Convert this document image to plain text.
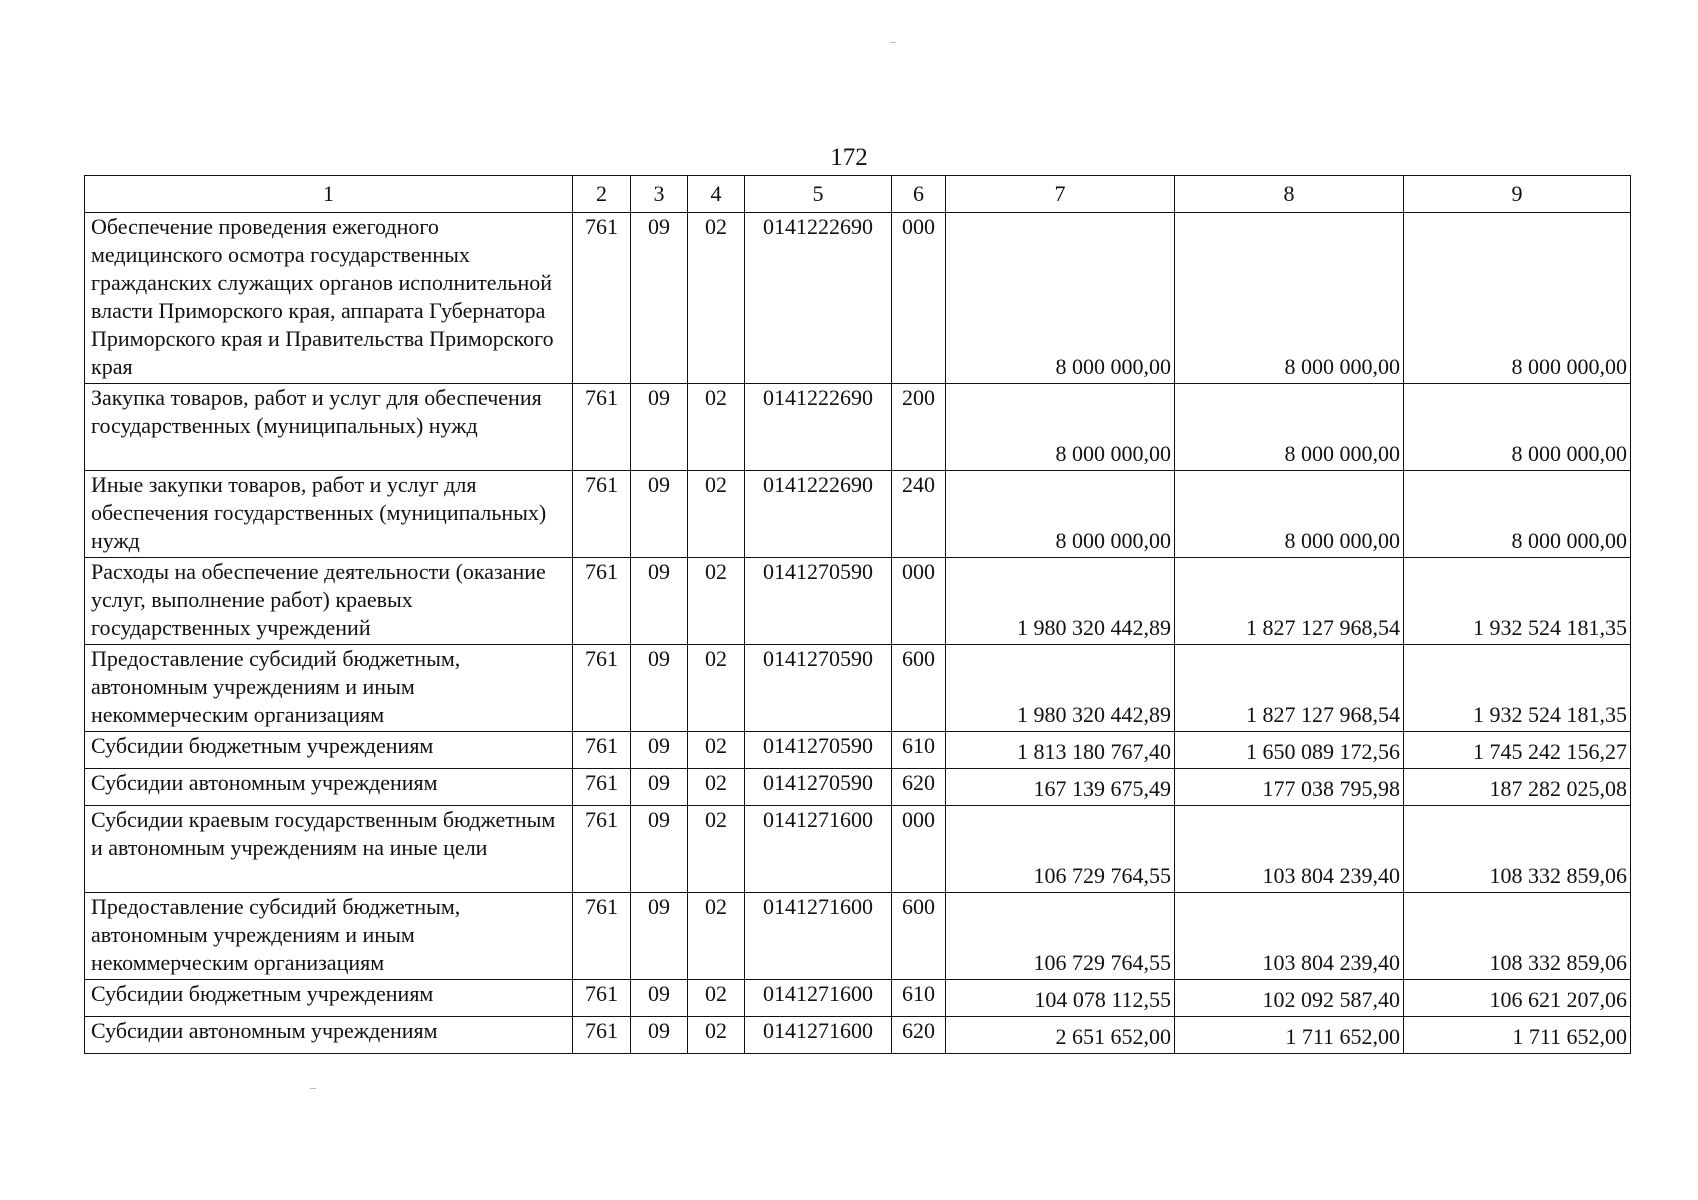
172
1	2	3	4	5	6	7	8	9
Обеспечение проведения ежегодного медицинского осмотра государственных гражданских служащих органов исполнительной власти Приморского края, аппарата Губернатора Приморского края и Правительства Приморского края	761	09	02	0141222690	000	8 000 000,00	8 000 000,00	8 000 000,00
Закупка товаров, работ и услуг для обеспечения государственных (муниципальных) нужд	761	09	02	0141222690	200	8 000 000,00	8 000 000,00	8 000 000,00
Иные закупки товаров, работ и услуг для обеспечения государственных (муниципальных) нужд	761	09	02	0141222690	240	8 000 000,00	8 000 000,00	8 000 000,00
Расходы на обеспечение деятельности (оказание услуг, выполнение работ) краевых государственных учреждений	761	09	02	0141270590	000	1 980 320 442,89	1 827 127 968,54	1 932 524 181,35
Предоставление субсидий бюджетным, автономным учреждениям и иным некоммерческим организациям	761	09	02	0141270590	600	1 980 320 442,89	1 827 127 968,54	1 932 524 181,35
Субсидии бюджетным учреждениям	761	09	02	0141270590	610	1 813 180 767,40	1 650 089 172,56	1 745 242 156,27
Субсидии автономным учреждениям	761	09	02	0141270590	620	167 139 675,49	177 038 795,98	187 282 025,08
Субсидии краевым государственным бюджетным и автономным учреждениям на иные цели	761	09	02	0141271600	000	106 729 764,55	103 804 239,40	108 332 859,06
Предоставление субсидий бюджетным, автономным учреждениям и иным некоммерческим организациям	761	09	02	0141271600	600	106 729 764,55	103 804 239,40	108 332 859,06
Субсидии бюджетным учреждениям	761	09	02	0141271600	610	104 078 112,55	102 092 587,40	106 621 207,06
Субсидии автономным учреждениям	761	09	02	0141271600	620	2 651 652,00	1 711 652,00	1 711 652,00
